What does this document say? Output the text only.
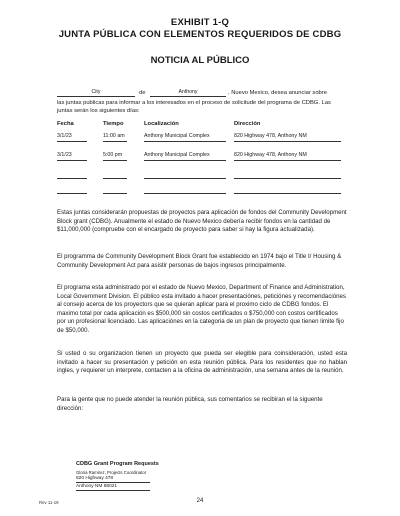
EXHIBIT 1-Q
JUNTA PÚBLICA CON ELEMENTOS REQUERIDOS DE CDBG
NOTICIA AL PÚBLICO
City	de	Anthony	, Nuevo Mexico, desea anunciar sobre
las juntas publicas para informar a los interesados en el proceso de solicitude del programa de CDBG. Las juntas serán los siguientes días:
Fecha	Tiempo	Localización	Dirección
3/1/23	11:00 am	Anthony Municipal Complex	820 Highway 478, Anthony NM
3/1/23	5:00 pm	Anthony Municipal Complex	820 Highway 478, Anthony NM
Estas juntas considerarán propuestas de proyectos para aplicación de fondos del Community Development Block grant (CDBG). Anualmente el estado de Nuevo Mexico debería recibir fondos en la cantidad de $11,000,000 (compruebe con el encargado de proyecto para saber si hay la figura actualizada).
El programma de Community Development Block Grant fue establecido en 1974 bajo el Title I/ Housing & Community Development Act para asistir personas de bajos ingresos principalmente.
El programa esta administrado por el estado de Nuevo Mexico, Department of Finance and Administration, Local Government Division. El público esta invitado a hacer presentaciónes, peticiónes y recomendaciónes al consejo acerca de los proyectors que se quieran aplicar para el proximo ciclo de CDBG fondos. El maximo total por cada aplicación es $500,000 sin costos certificados o $750,000 con costos certificados por un profesional licenciado. Las aplicaciónes en la categoria de un plan de proyecto que tienen limite fijo de $50,000.
Si usted o su organizacion tienen un proyecto que pueda ser elegible para coinsideración, usted esta invitado a hacer su presentación y petición en esta reunión pública. Para los residentes que no hablan ingles, y requierer un interprete, contacten a la oficina de administración, una semana antes de la reunión.
Para la gente que no puede atender la reunión pública, sus comentarios se recibiran el la siguente dirección:
CDBG Grant Program Requests
Gloria Ramirez, Projects Coordinator
820 Highway 478
Anthony NM 88021
Rev 11-19	24
